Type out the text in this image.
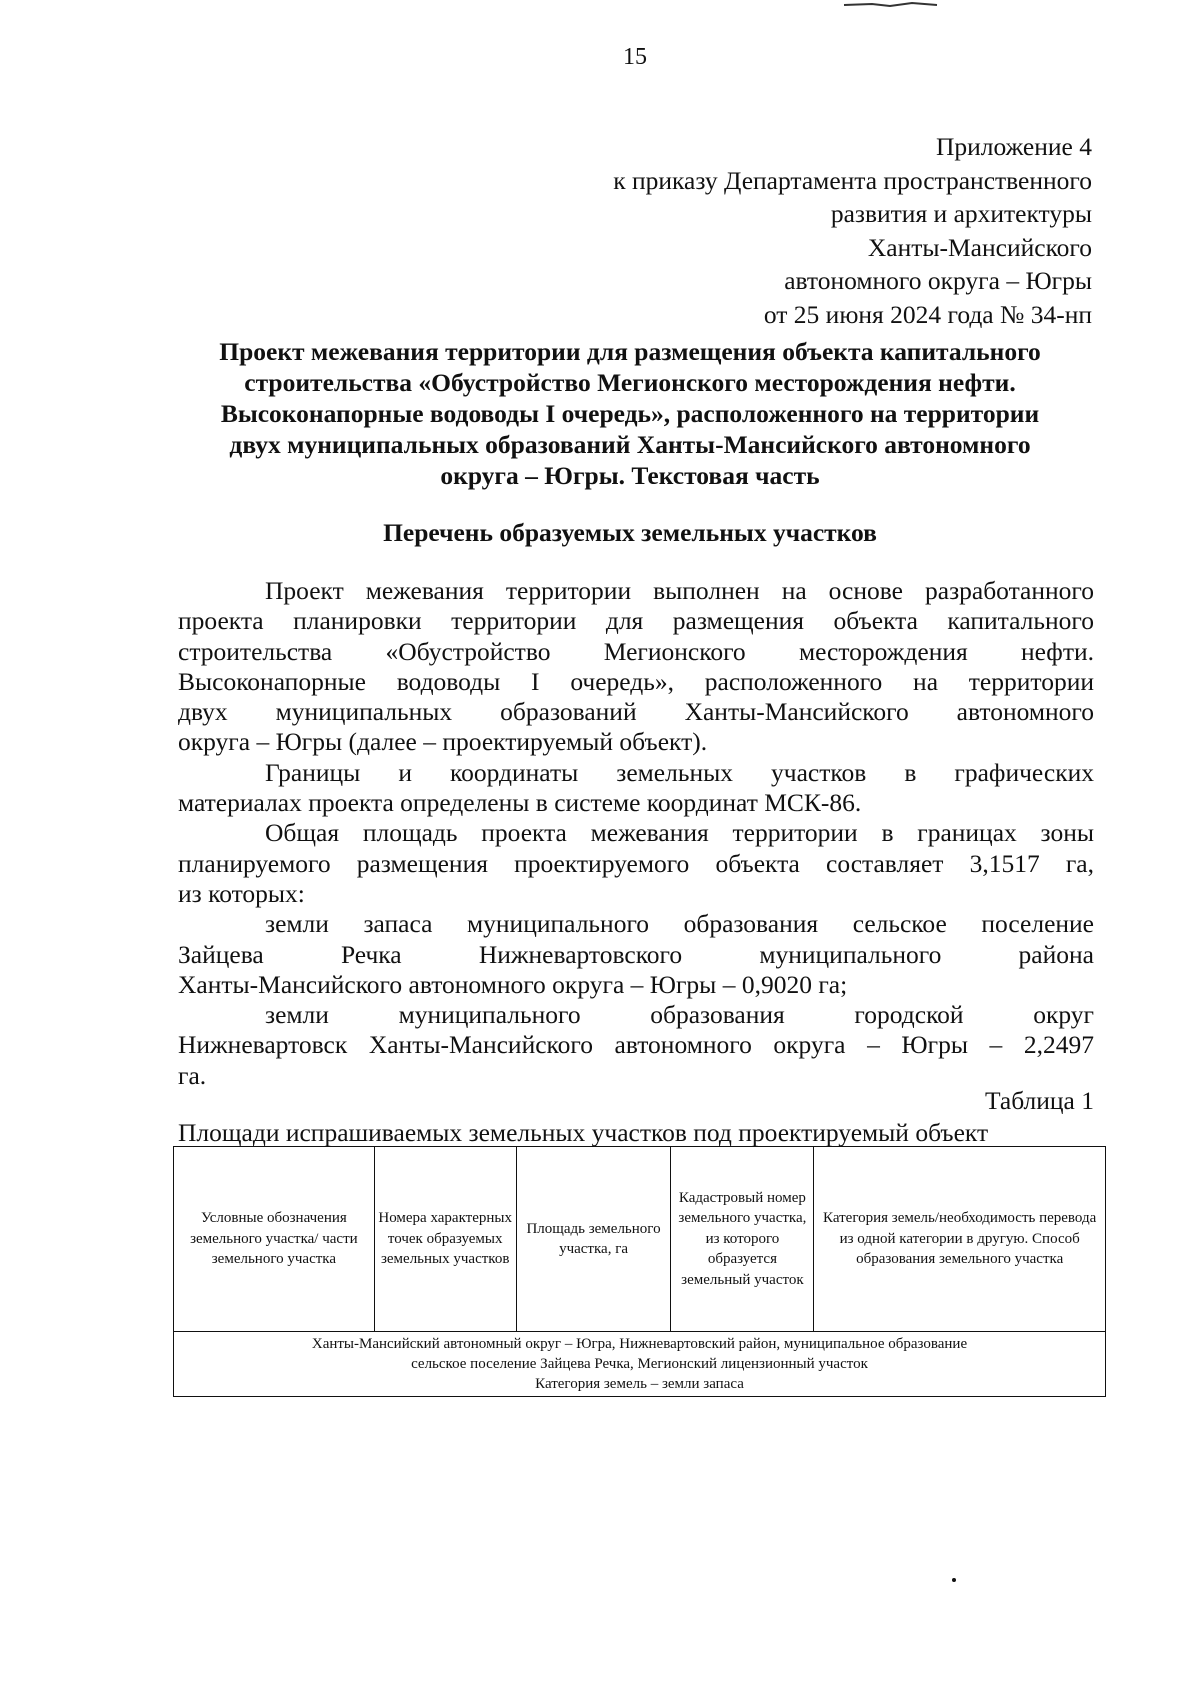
15
Приложение 4
к приказу Департамента пространственного
развития и архитектуры
Ханты-Мансийского
автономного округа – Югры
от 25 июня 2024 года № 34-нп
Проект межевания территории для размещения объекта капитального
строительства «Обустройство Мегионского месторождения нефти.
Высоконапорные водоводы I очередь», расположенного на территории
двух муниципальных образований Ханты-Мансийского автономного
округа – Югры. Текстовая часть
Перечень образуемых земельных участков
Проект межевания территории выполнен на основе разработанного
проекта планировки территории для размещения объекта капитального
строительства «Обустройство Мегионского месторождения нефти.
Высоконапорные водоводы I очередь», расположенного на территории
двух муниципальных образований Ханты-Мансийского автономного
округа – Югры (далее – проектируемый объект).
Границы и координаты земельных участков в графических
материалах проекта определены в системе координат МСК-86.
Общая площадь проекта межевания территории в границах зоны
планируемого размещения проектируемого объекта составляет 3,1517 га,
из которых:
земли запаса муниципального образования сельское поселение
Зайцева Речка Нижневартовского муниципального района
Ханты-Мансийского автономного округа – Югры – 0,9020 га;
земли муниципального образования городской округ
Нижневартовск Ханты-Мансийского автономного округа – Югры – 2,2497
га.
Таблица 1
Площади испрашиваемых земельных участков под проектируемый объект
Условные обозначения земельного участка/ части земельного участка	Номера характерных точек образуемых земельных участков	Площадь земельного участка, га	Кадастровый номер земельного участка, из которого образуется земельный участок	Категория земель/необходимость перевода из одной категории в другую. Способ образования земельного участка

Ханты-Мансийский автономный округ – Югра, Нижневартовский район, муниципальное образование
сельское поселение Зайцева Речка, Мегионский лицензионный участок
Категория земель – земли запаса
